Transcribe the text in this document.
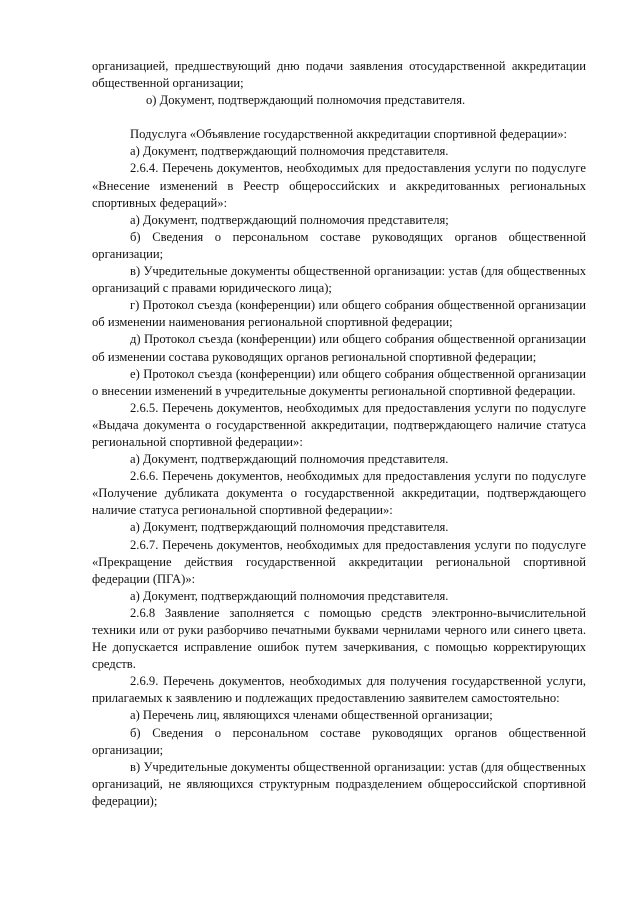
организацией, предшествующий дню подачи заявления отосударственной аккредитации общественной организации;

о) Документ, подтверждающий полномочия представителя.

Подуслуга «Объявление государственной аккредитации спортивной федерации»:

а) Документ, подтверждающий полномочия представителя.

2.6.4. Перечень документов, необходимых для предоставления услуги по подуслуге «Внесение изменений в Реестр общероссийских и аккредитованных региональных спортивных федераций»:

а) Документ, подтверждающий полномочия представителя;

б) Сведения о персональном составе руководящих органов общественной организации;

в) Учредительные документы общественной организации: устав (для общественных организаций с правами юридического лица);

г) Протокол съезда (конференции) или общего собрания общественной организации об изменении наименования региональной спортивной федерации;

д) Протокол съезда (конференции) или общего собрания общественной организации об изменении состава руководящих органов региональной спортивной федерации;

е) Протокол съезда (конференции) или общего собрания общественной организации о внесении изменений в учредительные документы региональной спортивной федерации.

2.6.5. Перечень документов, необходимых для предоставления услуги по подуслуге «Выдача документа о государственной аккредитации, подтверждающего наличие статуса региональной спортивной федерации»:

а) Документ, подтверждающий полномочия представителя.

2.6.6. Перечень документов, необходимых для предоставления услуги по подуслуге «Получение дубликата документа о государственной аккредитации, подтверждающего наличие статуса региональной спортивной федерации»:

а) Документ, подтверждающий полномочия представителя.

2.6.7. Перечень документов, необходимых для предоставления услуги по подуслуге «Прекращение действия государственной аккредитации региональной спортивной федерации (ПГА)»:

а) Документ, подтверждающий полномочия представителя.

2.6.8 Заявление заполняется с помощью средств электронно-вычислительной техники или от руки разборчиво печатными буквами чернилами черного или синего цвета. Не допускается исправление ошибок путем зачеркивания, с помощью корректирующих средств.

2.6.9. Перечень документов, необходимых для получения государственной услуги, прилагаемых к заявлению и подлежащих предоставлению заявителем самостоятельно:

а) Перечень лиц, являющихся членами общественной организации;

б) Сведения о персональном составе руководящих органов общественной организации;

в) Учредительные документы общественной организации: устав (для общественных организаций, не являющихся структурным подразделением общероссийской спортивной федерации);
